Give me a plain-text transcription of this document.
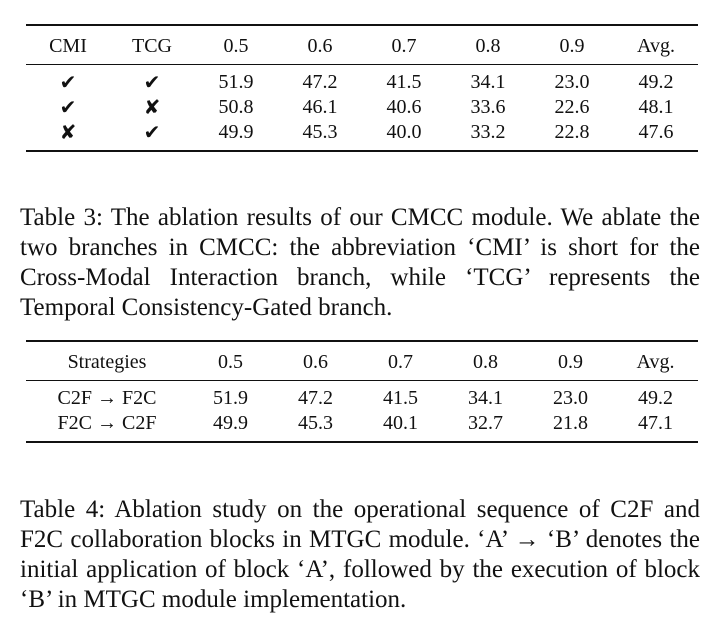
CMI	TCG	0.5	0.6	0.7	0.8	0.9	Avg.

✔	✔	51.9	47.2	41.5	34.1	23.0	49.2
✔	✘	50.8	46.1	40.6	33.6	22.6	48.1
✘	✔	49.9	45.3	40.0	33.2	22.8	47.6

Table 3: The ablation results of our CMCC module. We ablate the two branches in CMCC: the abbreviation ‘CMI’ is short for the Cross-Modal Interaction branch, while ‘TCG’ represents the Temporal Consistency-Gated branch.

Strategies	0.5	0.6	0.7	0.8	0.9	Avg.

C2F → F2C	51.9	47.2	41.5	34.1	23.0	49.2
F2C → C2F	49.9	45.3	40.1	32.7	21.8	47.1

Table 4: Ablation study on the operational sequence of C2F and F2C collaboration blocks in MTGC module. ‘A’ → ‘B’ denotes the initial application of block ‘A’, followed by the execution of block ‘B’ in MTGC module implementation.
